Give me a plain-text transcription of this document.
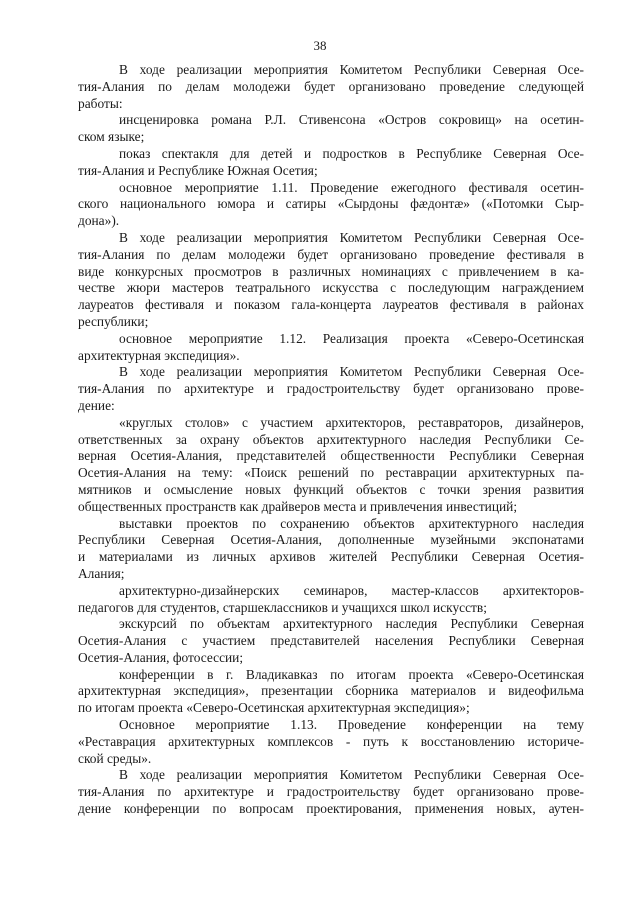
38
В ходе реализации мероприятия Комитетом Республики Северная Осе-
тия-Алания по делам молодежи будет организовано проведение следующей
работы:
инсценировка романа Р.Л. Стивенсона «Остров сокровищ» на осетин-
ском языке;
показ спектакля для детей и подростков в Республике Северная Осе-
тия-Алания и Республике Южная Осетия;
основное мероприятие 1.11. Проведение ежегодного фестиваля осетин-
ского национального юмора и сатиры «Сырдоны фæдонтæ» («Потомки Сыр-
дона»).
В ходе реализации мероприятия Комитетом Республики Северная Осе-
тия-Алания по делам молодежи будет организовано проведение фестиваля в
виде конкурсных просмотров в различных номинациях с привлечением в ка-
честве жюри мастеров театрального искусства с последующим награждением
лауреатов фестиваля и показом гала-концерта лауреатов фестиваля в районах
республики;
основное мероприятие 1.12. Реализация проекта «Северо-Осетинская
архитектурная экспедиция».
В ходе реализации мероприятия Комитетом Республики Северная Осе-
тия-Алания по архитектуре и градостроительству будет организовано прове-
дение:
«круглых столов» с участием архитекторов, реставраторов, дизайнеров,
ответственных за охрану объектов архитектурного наследия Республики Се-
верная Осетия-Алания, представителей общественности Республики Северная
Осетия-Алания на тему: «Поиск решений по реставрации архитектурных па-
мятников и осмысление новых функций объектов с точки зрения развития
общественных пространств как драйверов места и привлечения инвестиций;
выставки проектов по сохранению объектов архитектурного наследия
Республики Северная Осетия-Алания, дополненные музейными экспонатами
и материалами из личных архивов жителей Республики Северная Осетия-
Алания;
архитектурно-дизайнерских семинаров, мастер-классов архитекторов-
педагогов для студентов, старшеклассников и учащихся школ искусств;
экскурсий по объектам архитектурного наследия Республики Северная
Осетия-Алания с участием представителей населения Республики Северная
Осетия-Алания, фотосессии;
конференции в г. Владикавказ по итогам проекта «Северо-Осетинская
архитектурная экспедиция», презентации сборника материалов и видеофильма
по итогам проекта «Северо-Осетинская архитектурная экспедиция»;
Основное мероприятие 1.13. Проведение конференции на тему
«Реставрация архитектурных комплексов - путь к восстановлению историче-
ской среды».
В ходе реализации мероприятия Комитетом Республики Северная Осе-
тия-Алания по архитектуре и градостроительству будет организовано прове-
дение конференции по вопросам проектирования, применения новых, аутен-
